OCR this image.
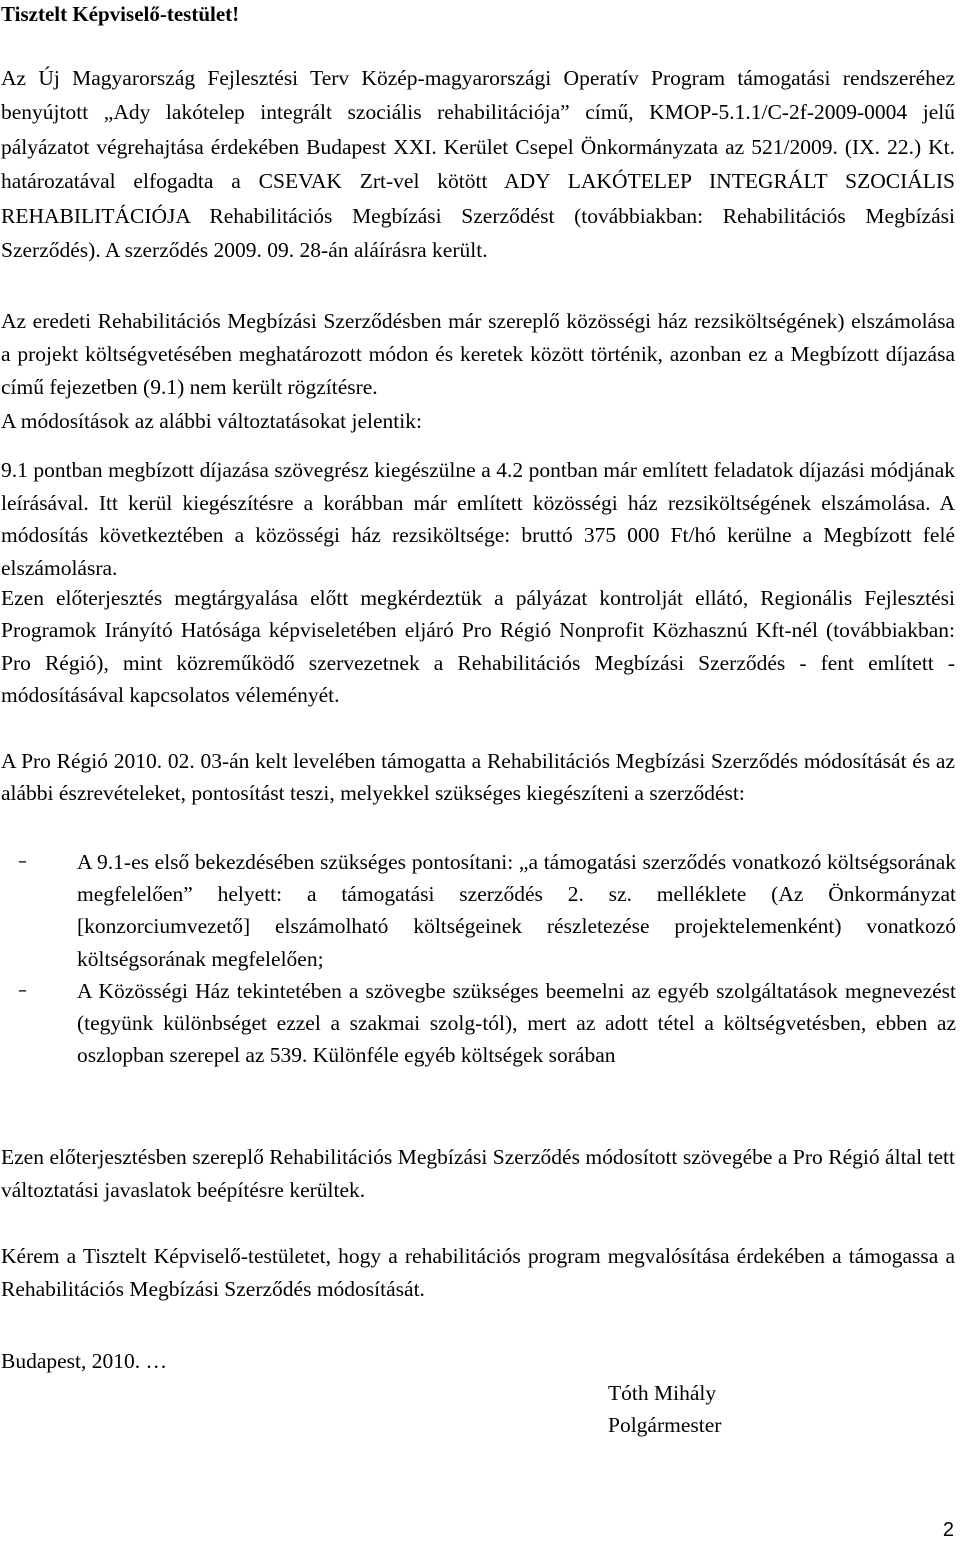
Tisztelt Képviselő-testület!

Az Új Magyarország Fejlesztési Terv Közép-magyarországi Operatív Program támogatási rendszeréhez benyújtott „Ady lakótelep integrált szociális rehabilitációja” című, KMOP-5.1.1/C-2f-2009-0004 jelű pályázatot végrehajtása érdekében Budapest XXI. Kerület Csepel Önkormányzata az 521/2009. (IX. 22.) Kt. határozatával elfogadta a CSEVAK Zrt-vel kötött ADY LAKÓTELEP INTEGRÁLT SZOCIÁLIS REHABILITÁCIÓJA Rehabilitációs Megbízási Szerződést (továbbiakban: Rehabilitációs Megbízási Szerződés). A szerződés 2009. 09. 28-án aláírásra került.

Az eredeti Rehabilitációs Megbízási Szerződésben már szereplő közösségi ház rezsiköltségének) elszámolása a projekt költségvetésében meghatározott módon és keretek között történik, azonban ez a Megbízott díjazása című fejezetben (9.1) nem került rögzítésre.

A módosítások az alábbi változtatásokat jelentik:

9.1 pontban megbízott díjazása szövegrész kiegészülne a 4.2 pontban már említett feladatok díjazási módjának leírásával. Itt kerül kiegészítésre a korábban már említett közösségi ház rezsiköltségének elszámolása. A módosítás következtében a közösségi ház rezsiköltsége: bruttó 375 000 Ft/hó kerülne a Megbízott felé elszámolásra.

Ezen előterjesztés megtárgyalása előtt megkérdeztük a pályázat kontrolját ellátó, Regionális Fejlesztési Programok Irányító Hatósága képviseletében eljáró Pro Régió Nonprofit Közhasznú Kft-nél (továbbiakban: Pro Régió), mint közreműködő szervezetnek a Rehabilitációs Megbízási Szerződés - fent említett - módosításával kapcsolatos véleményét.

A Pro Régió 2010. 02. 03-án kelt levelében támogatta a Rehabilitációs Megbízási Szerződés módosítását és az alábbi észrevételeket, pontosítást teszi, melyekkel szükséges kiegészíteni a szerződést:

– A 9.1-es első bekezdésében szükséges pontosítani: „a támogatási szerződés vonatkozó költségsorának megfelelően” helyett: a támogatási szerződés 2. sz. melléklete (Az Önkormányzat [konzorciumvezető] elszámolható költségeinek részletezése projektelemenként) vonatkozó költségsorának megfelelően;
– A Közösségi Ház tekintetében a szövegbe szükséges beemelni az egyéb szolgáltatások megnevezést (tegyünk különbséget ezzel a szakmai szolg-tól), mert az adott tétel a költségvetésben, ebben az oszlopban szerepel az 539. Különféle egyéb költségek sorában

Ezen előterjesztésben szereplő Rehabilitációs Megbízási Szerződés módosított szövegébe a Pro Régió által tett változtatási javaslatok beépítésre kerültek.

Kérem a Tisztelt Képviselő-testületet, hogy a rehabilitációs program megvalósítása érdekében a támogassa a Rehabilitációs Megbízási Szerződés módosítását.

Budapest, 2010. …

Tóth Mihály

Polgármester

2
